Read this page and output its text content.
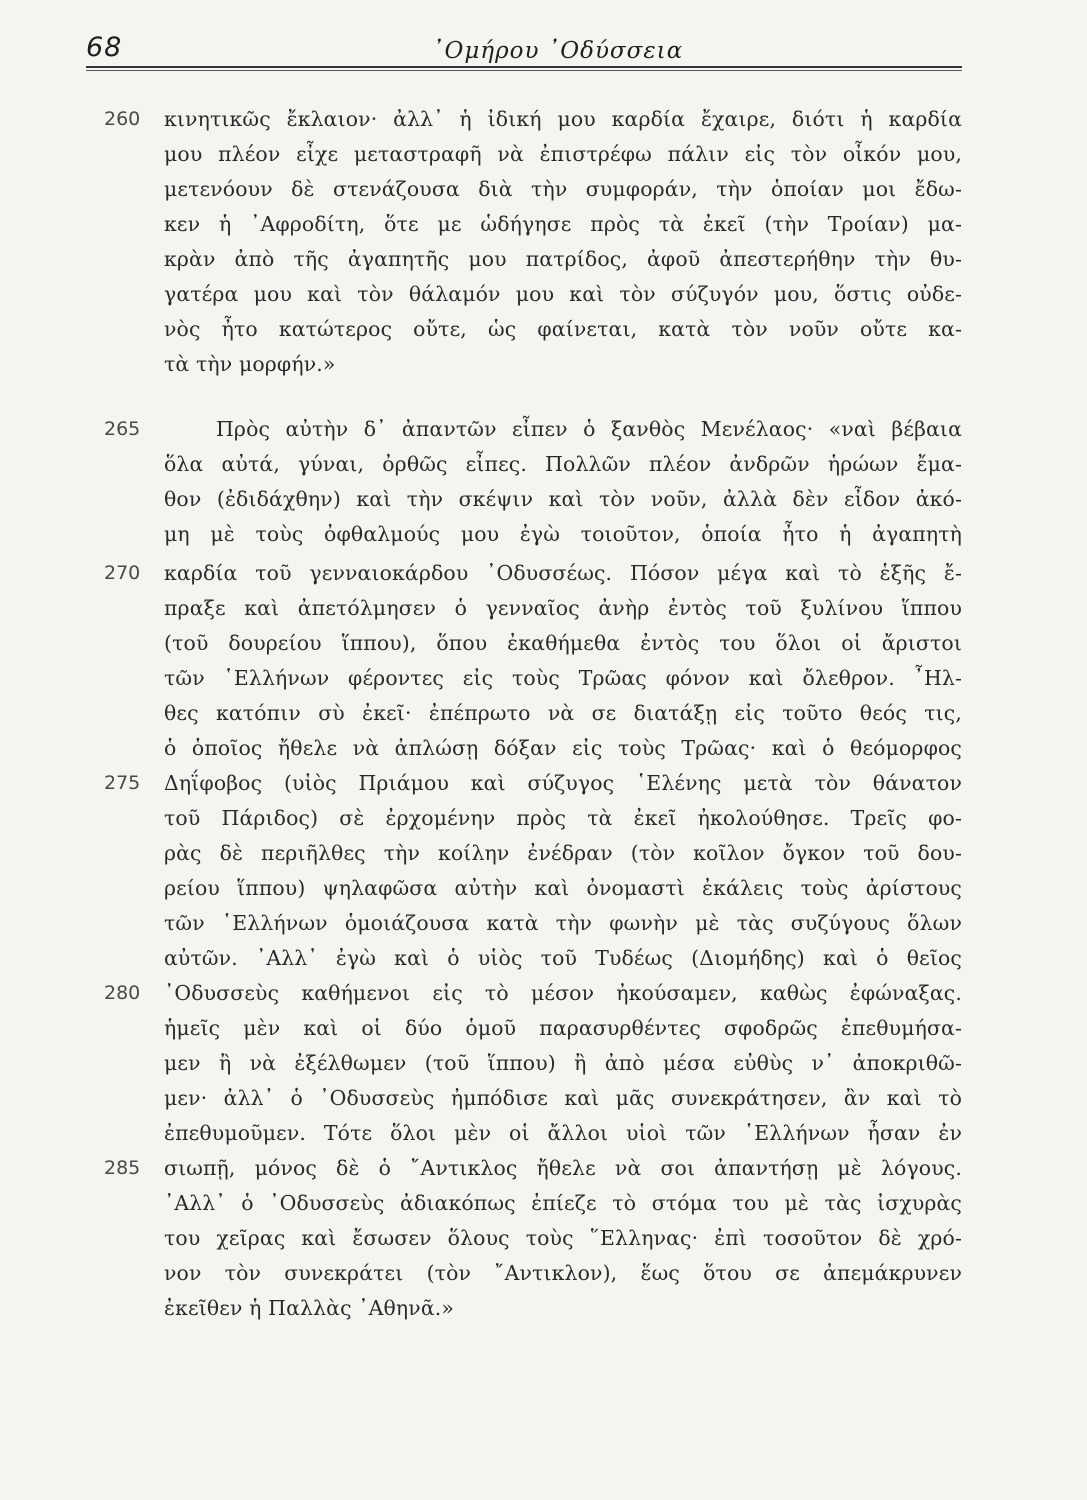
68	᾿Ομήρου ᾿Οδύσσεια
κινητικῶς ἔκλαιον· ἀλλ᾿ ἡ ἰδική μου καρδία ἔχαιρε, διότι ἡ καρδία
μου πλέον εἶχε μεταστραφῆ νὰ ἐπιστρέφω πάλιν εἰς τὸν οἶκόν μου,
μετενόουν δὲ στενάζουσα διὰ τὴν συμφοράν, τὴν ὁποίαν μοι ἔδω-
κεν ἡ ᾿Αφροδίτη, ὅτε με ὡδήγησε πρὸς τὰ ἐκεῖ (τὴν Τροίαν) μα-
κρὰν ἀπὸ τῆς ἀγαπητῆς μου πατρίδος, ἀφοῦ ἀπεστερήθην τὴν θυ-
γατέρα μου καὶ τὸν θάλαμόν μου καὶ τὸν σύζυγόν μου, ὅστις οὐδε-
νὸς ἦτο κατώτερος οὔτε, ὡς φαίνεται, κατὰ τὸν νοῦν οὔτε κα-
τὰ τὴν μορφήν.»
Πρὸς αὐτὴν δ᾿ ἀπαντῶν εἶπεν ὁ ξανθὸς Μενέλαος· «ναὶ βέβαια
ὅλα αὐτά, γύναι, ὀρθῶς εἶπες. Πολλῶν πλέον ἀνδρῶν ἡρώων ἔμα-
θον (ἐδιδάχθην) καὶ τὴν σκέψιν καὶ τὸν νοῦν, ἀλλὰ δὲν εἶδον ἀκό-
μη μὲ τοὺς ὀφθαλμούς μου ἐγὼ τοιοῦτον, ὁποία ἦτο ἡ ἀγαπητὴ
καρδία τοῦ γενναιοκάρδου ᾿Οδυσσέως. Πόσον μέγα καὶ τὸ ἑξῆς ἔ-
πραξε καὶ ἀπετόλμησεν ὁ γενναῖος ἀνὴρ ἐντὸς τοῦ ξυλίνου ἵππου
(τοῦ δουρείου ἵππου), ὅπου ἐκαθήμεθα ἐντὸς του ὅλοι οἱ ἄριστοι
τῶν ῾Ελλήνων φέροντες εἰς τοὺς Τρῶας φόνον καὶ ὄλεθρον. ῏Ηλ-
θες κατόπιν σὺ ἐκεῖ· ἐπέπρωτο νὰ σε διατάξῃ εἰς τοῦτο θεός τις,
ὁ ὁποῖος ἤθελε νὰ ἀπλώσῃ δόξαν εἰς τοὺς Τρῶας· καὶ ὁ θεόμορφος
Δηΐφοβος (υἱὸς Πριάμου καὶ σύζυγος ῾Ελένης μετὰ τὸν θάνατον
τοῦ Πάριδος) σὲ ἐρχομένην πρὸς τὰ ἐκεῖ ἠκολούθησε. Τρεῖς φο-
ρὰς δὲ περιῆλθες τὴν κοίλην ἐνέδραν (τὸν κοῖλον ὄγκον τοῦ δου-
ρείου ἵππου) ψηλαφῶσα αὐτὴν καὶ ὀνομαστὶ ἐκάλεις τοὺς ἀρίστους
τῶν ῾Ελλήνων ὁμοιάζουσα κατὰ τὴν φωνὴν μὲ τὰς συζύγους ὅλων
αὐτῶν. ᾿Αλλ᾿ ἐγὼ καὶ ὁ υἱὸς τοῦ Τυδέως (Διομήδης) καὶ ὁ θεῖος
᾿Οδυσσεὺς καθήμενοι εἰς τὸ μέσον ἠκούσαμεν, καθὼς ἐφώναξας.
ἡμεῖς μὲν καὶ οἱ δύο ὁμοῦ παρασυρθέντες σφοδρῶς ἐπεθυμήσα-
μεν ἢ νὰ ἐξέλθωμεν (τοῦ ἵππου) ἢ ἀπὸ μέσα εὐθὺς ν᾿ ἀποκριθῶ-
μεν· ἀλλ᾿ ὁ ᾿Οδυσσεὺς ἠμπόδισε καὶ μᾶς συνεκράτησεν, ἂν καὶ τὸ
ἐπεθυμοῦμεν. Τότε ὅλοι μὲν οἱ ἄλλοι υἱοὶ τῶν ῾Ελλήνων ἦσαν ἐν
σιωπῇ, μόνος δὲ ὁ ῎Αντικλος ἤθελε νὰ σοι ἀπαντήσῃ μὲ λόγους.
᾿Αλλ᾿ ὁ ᾿Οδυσσεὺς ἀδιακόπως ἐπίεζε τὸ στόμα του μὲ τὰς ἰσχυρὰς
του χεῖρας καὶ ἔσωσεν ὅλους τοὺς ῞Ελληνας· ἐπὶ τοσοῦτον δὲ χρό-
νον τὸν συνεκράτει (τὸν ῎Αντικλον), ἕως ὅτου σε ἀπεμάκρυνεν
ἐκεῖθεν ἡ Παλλὰς ᾿Αθηνᾶ.»
260
265
270
275
280
285
